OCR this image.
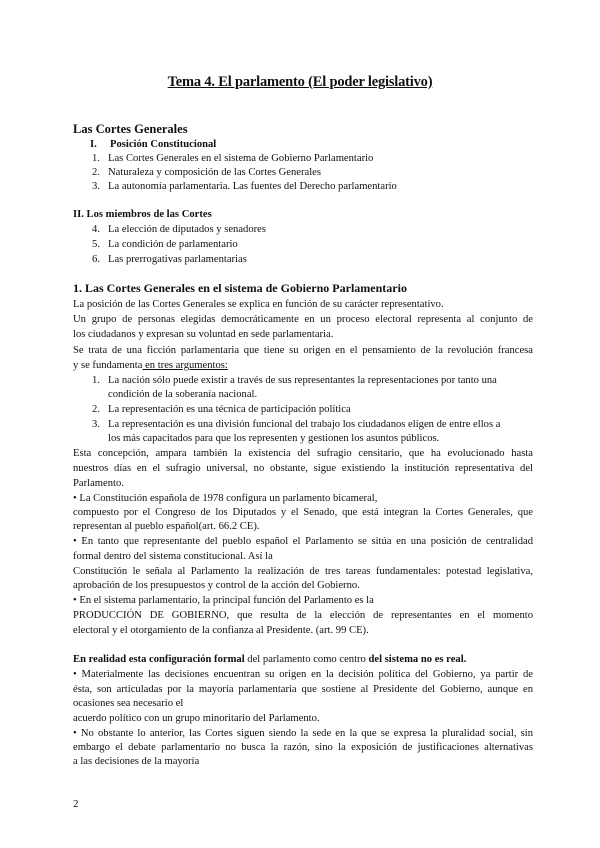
Tema 4. El parlamento (El poder legislativo)
Las Cortes Generales
I. Posición Constitucional
1. Las Cortes Generales en el sistema de Gobierno Parlamentario
2. Naturaleza y composición de las Cortes Generales
3. La autonomía parlamentaria. Las fuentes del Derecho parlamentario
II. Los miembros de las Cortes
4. La elección de diputados y senadores
5. La condición de parlamentario
6. Las prerrogativas parlamentarias
1. Las Cortes Generales en el sistema de Gobierno Parlamentario
La posición de las Cortes Generales se explica en función de su carácter representativo.
Un grupo de personas elegidas democráticamente en un proceso electoral representa al conjunto de
los ciudadanos y expresan su voluntad en sede parlamentaria.
Se trata de una ficción parlamentaria que tiene su origen en el pensamiento de la revolución francesa
y se fundamenta en tres argumentos:
1. La nación sólo puede existir a través de sus representantes la representaciones por tanto una
condición de la soberanía nacional.
2. La representación es una técnica de participación política
3. La representación es una división funcional del trabajo los ciudadanos eligen de entre ellos a
los más capacitados para que los representen y gestionen los asuntos públicos.
Esta concepción, ampara también la existencia del sufragio censitario, que ha evolucionado hasta
nuestros días en el sufragio universal, no obstante, sigue existiendo la institución representativa del
Parlamento.
• La Constitución española de 1978 configura un parlamento bicameral,
compuesto por el Congreso de los Diputados y el Senado, que está integran la Cortes Generales, que
representan al pueblo español(art. 66.2 CE).
• En tanto que representante del pueblo español el Parlamento se sitúa en una posición de centralidad
formal dentro del sistema constitucional. Así la
Constitución le señala al Parlamento la realización de tres tareas fundamentales: potestad legislativa,
aprobación de los presupuestos y control de la acción del Gobierno.
• En el sistema parlamentario, la principal función del Parlamento es la
PRODUCCIÓN DE GOBIERNO, que resulta de la elección de representantes en el momento
electoral y el otorgamiento de la confianza al Presidente. (art. 99 CE).
En realidad esta configuración formal del parlamento como centro del sistema no es real.
• Materialmente las decisiones encuentran su origen en la decisión política del Gobierno, ya partir de
ésta, son articuladas por la mayoría parlamentaria que sostiene al Presidente del Gobierno, aunque en
ocasiones sea necesario el
acuerdo político con un grupo minoritario del Parlamento.
• No obstante lo anterior, las Cortes siguen siendo la sede en la que se expresa la pluralidad social, sin
embargo el debate parlamentario no busca la razón, sino la exposición de justificaciones alternativas
a las decisiones de la mayoría
2
